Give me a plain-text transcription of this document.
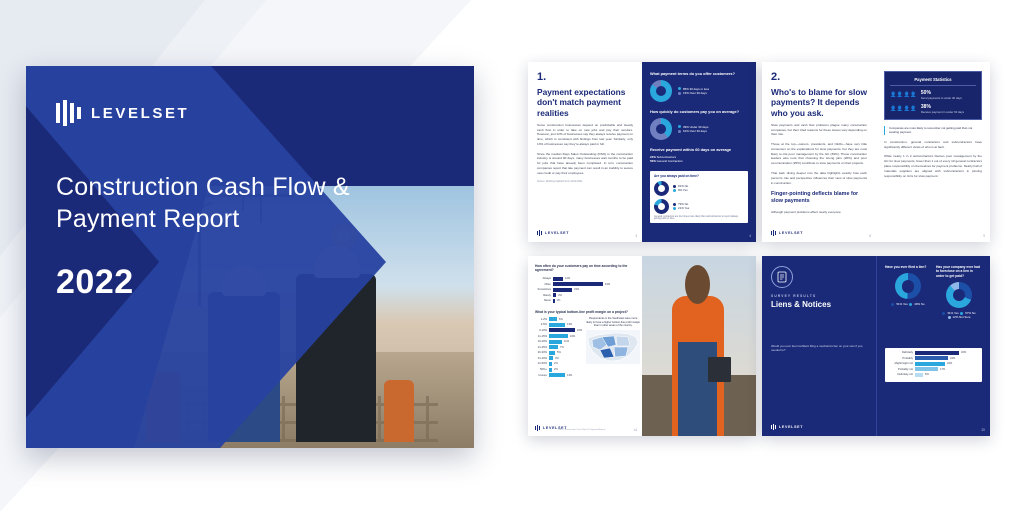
LEVELSET
Construction Cash Flow & Payment Report
2022
1.
Payment expectations don't match payment realities
Some construction businesses depend on predictable and steady cash flow in order to take on new jobs and pay their vendors. However, just 12% of businesses say they always receive payment on time, which is consistent with findings from last year. Similarly, only 13% of businesses say they're always paid in full.
Since the median Days Sales Outstanding (DSO) in the construction industry is around 90 days, many businesses wait months to be paid for jobs that have already been completed. In turn, construction companies report that late payment can result in an inability to secure new credit or pay their employees.
Source: Working Capital Forum 2019-2021
LEVELSET
3
What payment terms do you offer customers?
85% 30 days or less
15% Over 30 days
How quickly do customers pay you on average?
39% Under 30 days
61% Over 30 days
Receive payment within 60 days on average
24% Subcontractors
50% General Contractors
Are you always paid on time?
91% No
9% Yes
79% No
21% Yes
General contractors are four times more likely than subcontractors to report always getting paid on time.
4
2.
Who's to blame for slow payments? It depends who you ask.
Slow payments and cash flow problems plague many construction companies, but their cited reasons for these issues vary depending on their role.
Those at the top—owners, presidents, and CEOs—have very little consensus on the explanations for slow payments, but they are most likely to cite poor management by the GC (39%). These construction leaders also note that choosing the wrong jobs (26%) and poor communication (25%) contribute to slow payments on their projects.
That said, diving deeper into the data highlights exactly how each person's role and perspective influences their view of slow payments in construction.
Finger-pointing deflects blame for slow payments
Although payment problems affect nearly everyone
LEVELSET
8
Payment Statistics
👤👤👤👤 50%
Send payments in under 30 days
👤👤👤👤 38%
Receive payment in under 60 days
Companies are more likely to remember not getting paid than not sending payment.
In construction, general contractors and subcontractors have significantly different views of who is at fault.
While nearly 1 in 2 subcontractors blames poor management by the GC for slow payments, fewer than 1 out of every 10 general contractors place responsibility on themselves for payment problems. Nearly half of materials suppliers are aligned with subcontractors in pinning responsibility on GCs for slow payment.
9
How often do your customers pay on time according to the agreement?
Always	12%
Often	61%
Sometimes	23%
Rarely	3%
Never 1%
What is your typical bottom-line profit margin on a project?
1-2%	6%
3-5%	13%
6-10%	22%
11-15%	16%
16-20%	11%
21-25%	7%
26-30%	5%
31-40%	3%
41-50%	2%
50%+	2%
Unsure	13%
Respondents in the Southwest were more likely to have a higher bottom-line profit margin than in other areas of the country.
LEVELSET
2022 Construction Cash Flow & Payment Report	14
SURVEY RESULTS
Liens & Notices
Would you ever feel confident filing a mechanics lien on your own if you needed to?
LEVELSET
Have you ever filed a lien?
51% Yes 49% No
Has your company ever had to foreclose on a lien in order to get paid?
31% Yes 57% No
12% Not Sure
Definitely	32%
Probably	24%
Might/might not	22%
Probably not	17%
Definitely not	6%
20
